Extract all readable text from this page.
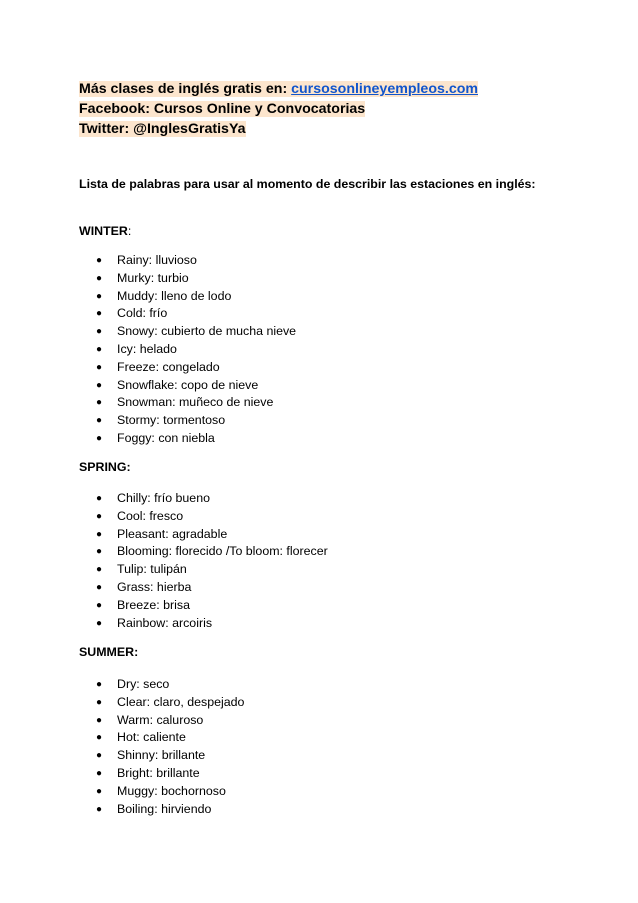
Más clases de inglés gratis en: cursosonlineyempleos.com
Facebook: Cursos Online y Convocatorias
Twitter: @InglesGratisYa
Lista de palabras para usar al momento de describir las estaciones en inglés:
WINTER:
● Rainy: lluvioso
● Murky: turbio
● Muddy: lleno de lodo
● Cold: frío
● Snowy: cubierto de mucha nieve
● Icy: helado
● Freeze: congelado
● Snowflake: copo de nieve
● Snowman: muñeco de nieve
● Stormy: tormentoso
● Foggy: con niebla
SPRING:
● Chilly: frío bueno
● Cool: fresco
● Pleasant: agradable
● Blooming: florecido /To bloom: florecer
● Tulip: tulipán
● Grass: hierba
● Breeze: brisa
● Rainbow: arcoiris
SUMMER:
● Dry: seco
● Clear: claro, despejado
● Warm: caluroso
● Hot: caliente
● Shinny: brillante
● Bright: brillante
● Muggy: bochornoso
● Boiling: hirviendo
